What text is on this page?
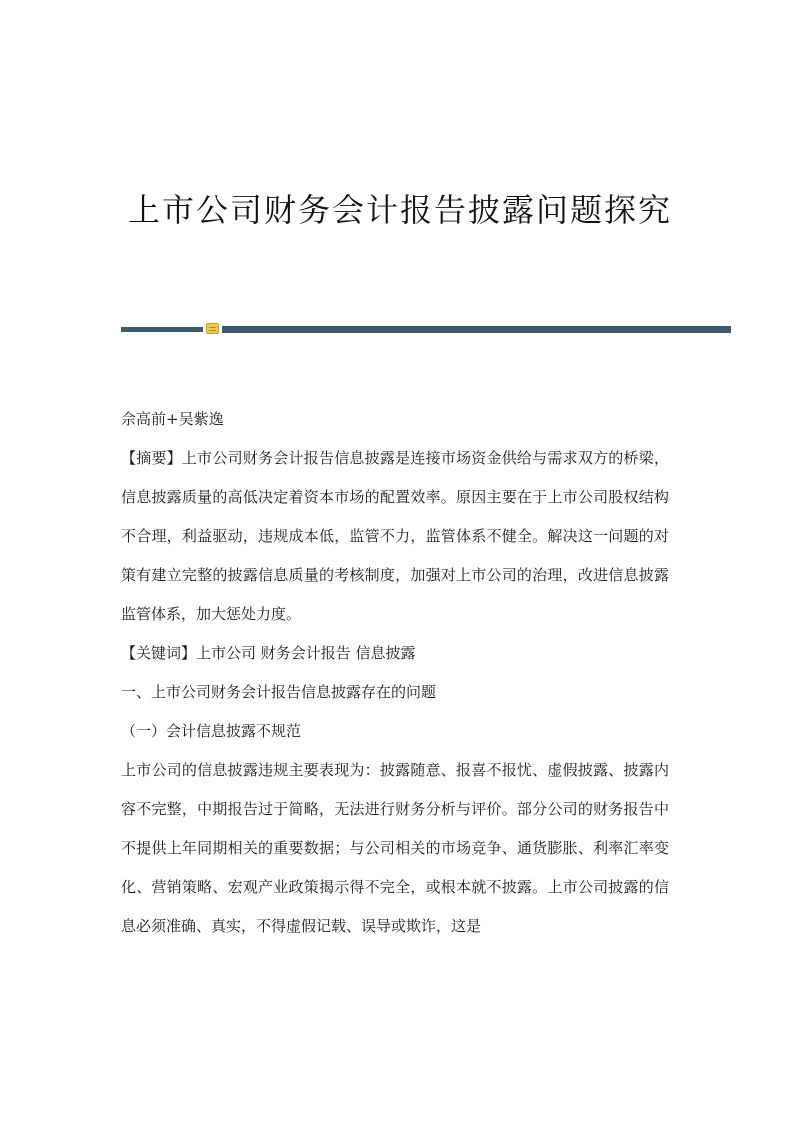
上市公司财务会计报告披露问题探究

佘高前+吴紫逸

【摘要】上市公司财务会计报告信息披露是连接市场资金供给与需求双方的桥梁，信息披露质量的高低决定着资本市场的配置效率。原因主要在于上市公司股权结构不合理，利益驱动，违规成本低，监管不力，监管体系不健全。解决这一问题的对策有建立完整的披露信息质量的考核制度，加强对上市公司的治理，改进信息披露监管体系，加大惩处力度。

【关键词】上市公司 财务会计报告 信息披露

一、上市公司财务会计报告信息披露存在的问题

（一）会计信息披露不规范

上市公司的信息披露违规主要表现为：披露随意、报喜不报忧、虚假披露、披露内容不完整，中期报告过于简略，无法进行财务分析与评价。部分公司的财务报告中不提供上年同期相关的重要数据；与公司相关的市场竞争、通货膨胀、利率汇率变化、营销策略、宏观产业政策揭示得不完全，或根本就不披露。上市公司披露的信息必须准确、真实，不得虚假记载、误导或欺诈，这是
